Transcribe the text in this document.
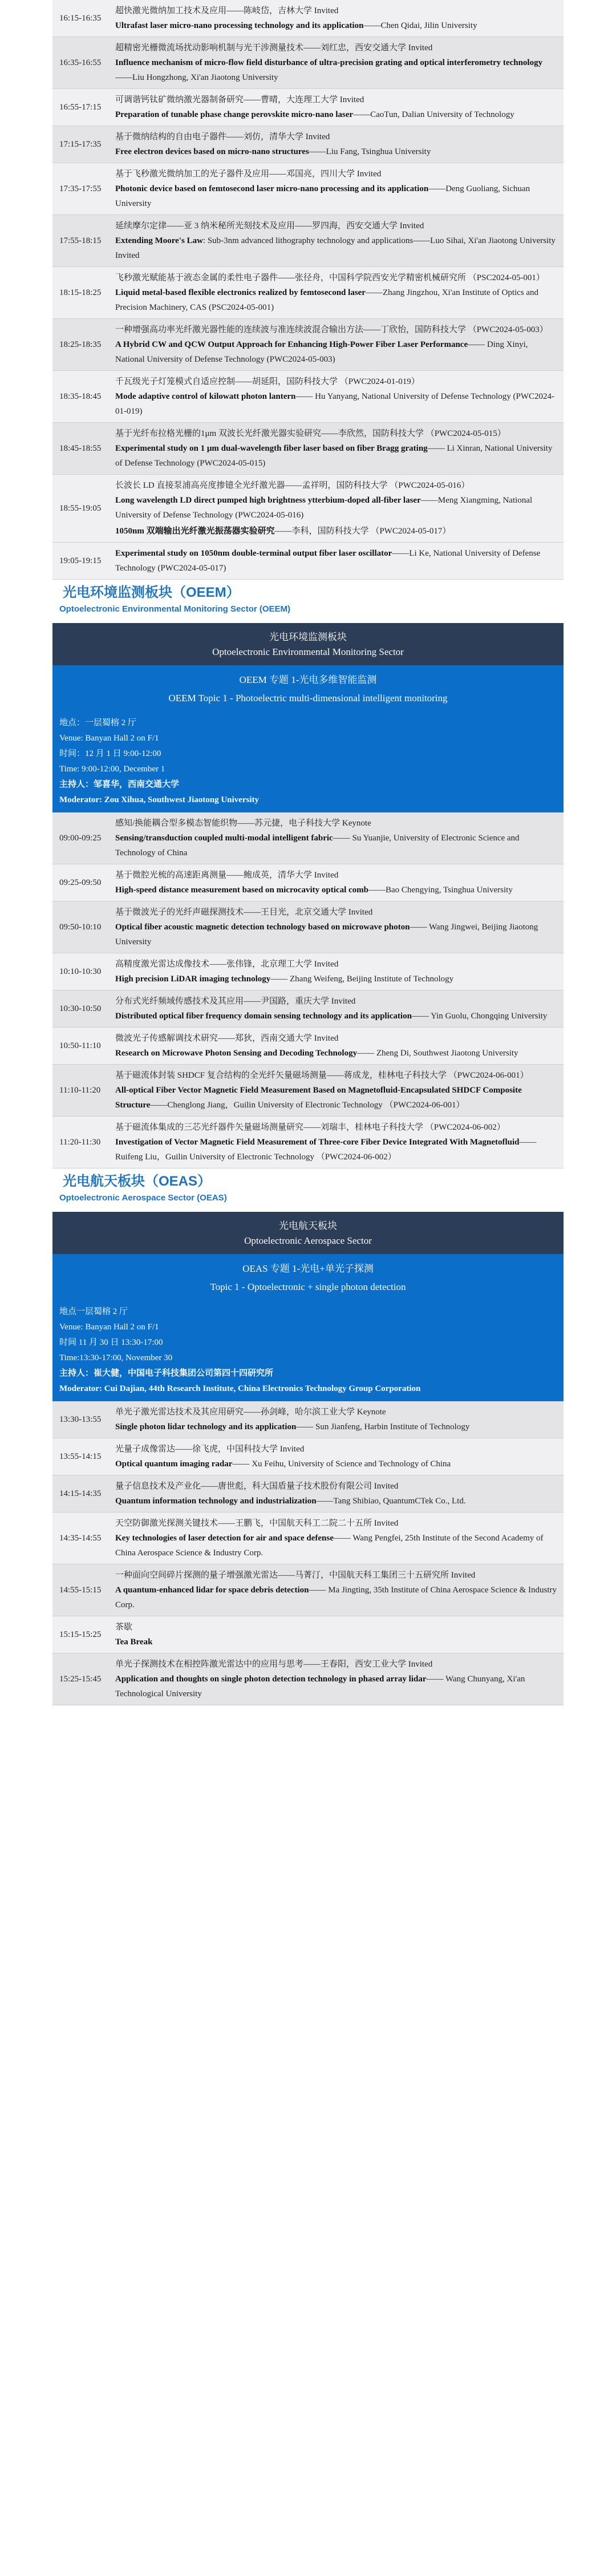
16:15-16:35
超快激光微纳加工技术及应用——陈岐岱，吉林大学 Invited
Ultrafast laser micro-nano processing technology and its application——Chen Qidai, Jilin University
16:35-16:55
超精密光栅微流场扰动影响机制与光干涉测量技术——刘红忠，西安交通大学 Invited
Influence mechanism of micro-flow field disturbance of ultra-precision grating and optical interferometry technology——Liu Hongzhong, Xi'an Jiaotong University
16:55-17:15
可调谐钙钛矿微纳激光器制备研究——曹晴，大连理工大学 Invited
Preparation of tunable phase change perovskite micro-nano laser——CaoTun, Dalian University of Technology
17:15-17:35
基于微纳结构的自由电子器件——刘仿，清华大学 Invited
Free electron devices based on micro-nano structures——Liu Fang, Tsinghua University
17:35-17:55
基于飞秒激光微纳加工的光子器件及应用——邓国亮，四川大学 Invited
Photonic device based on femtosecond laser micro-nano processing and its application——Deng Guoliang, Sichuan University
17:55-18:15
延续摩尔定律——亚 3 纳米秘所光刻技术及应用——罗四海，西安交通大学 Invited
Extending Moore's Law: Sub-3nm advanced lithography technology and applications——Luo Sihai, Xi'an Jiaotong University Invited
18:15-18:25
飞秒激光赋能基于液态金属的柔性电子器件——张径舟，中国科学院西安光学精密机械研究所 （PSC2024-05-001）
Liquid metal-based flexible electronics realized by femtosecond laser——Zhang Jingzhou, Xi'an Institute of Optics and Precision Machinery, CAS (PSC2024-05-001)
18:25-18:35
一种增强高功率光纤激光器性能的连续波与准连续波混合输出方法——丁欣怡，国防科技大学 （PWC2024-05-003）
A Hybrid CW and QCW Output Approach for Enhancing High-Power Fiber Laser Performance—— Ding Xinyi, National University of Defense Technology (PWC2024-05-003)
18:35-18:45
千瓦级光子灯笼模式自适应控制——胡延阳，国防科技大学 （PWC2024-01-019）
Mode adaptive control of kilowatt photon lantern—— Hu Yanyang, National University of Defense Technology (PWC2024-01-019)
18:45-18:55
基于光纤布拉格光栅的1μm 双波长光纤激光器实验研究——李欣然，国防科技大学 （PWC2024-05-015）
Experimental study on 1 μm dual-wavelength fiber laser based on fiber Bragg grating—— Li Xinran, National University of Defense Technology (PWC2024-05-015)
18:55-19:05
长波长 LD 直接泵浦高亮度掺镱全光纤激光器——孟祥明，国防科技大学 （PWC2024-05-016）
Long wavelength LD direct pumped high brightness ytterbium-doped all-fiber laser——Meng Xiangming, National University of Defense Technology (PWC2024-05-016)
1050nm 双端输出光纤激光振荡器实验研究——李科，国防科技大学 （PWC2024-05-017）
19:05-19:15
Experimental study on 1050nm double-terminal output fiber laser oscillator——Li Ke, National University of Defense Technology (PWC2024-05-017)
光电环境监测板块（OEEM）
Optoelectronic Environmental Monitoring Sector (OEEM)
光电环境监测板块
Optoelectronic Environmental Monitoring Sector
OEEM 专题 1-光电多维智能监测
OEEM Topic 1 - Photoelectric multi-dimensional intelligent monitoring
地点：一层蜀榕 2 厅
Venue: Banyan Hall 2 on F/1
时间：12 月 1 日 9:00-12:00
Time: 9:00-12:00, December 1
主持人：邹喜华，西南交通大学
Moderator: Zou Xihua, Southwest Jiaotong University
09:00-09:25
感知/换能耦合型多模态智能织物——苏元捷，电子科技大学 Keynote
Sensing/transduction coupled multi-modal intelligent fabric—— Su Yuanjie, University of Electronic Science and Technology of China
09:25-09:50
基于微腔光梳的高速距离测量——鲍成英，清华大学 Invited
High-speed distance measurement based on microcavity optical comb——Bao Chengying, Tsinghua University
09:50-10:10
基于微波光子的光纤声磁探测技术——王目光，北京交通大学 Invited
Optical fiber acoustic magnetic detection technology based on microwave photon—— Wang Jingwei, Beijing Jiaotong University
10:10-10:30
高精度激光雷达成像技术——张伟锋，北京理工大学 Invited
High precision LiDAR imaging technology—— Zhang Weifeng, Beijing Institute of Technology
10:30-10:50
分布式光纤频域传感技术及其应用——尹国路，重庆大学 Invited
Distributed optical fiber frequency domain sensing technology and its application—— Yin Guolu, Chongqing University
10:50-11:10
微波光子传感解调技术研究——郑狄，西南交通大学 Invited
Research on Microwave Photon Sensing and Decoding Technology—— Zheng Di, Southwest Jiaotong University
11:10-11:20
基于磁流体封装 SHDCF 复合结构的全光纤矢量磁场测量——蒋成龙，桂林电子科技大学 （PWC2024-06-001）
All-optical Fiber Vector Magnetic Field Measurement Based on Magnetofluid-Encapsulated SHDCF Composite Structure——Chenglong Jiang，Guilin University of Electronic Technology （PWC2024-06-001）
11:20-11:30
基于磁流体集成的三芯光纤器件矢量磁场测量研究——刘瑞丰，桂林电子科技大学 （PWC2024-06-002）
Investigation of Vector Magnetic Field Measurement of Three-core Fiber Device Integrated With Magnetofluid——Ruifeng Liu，Guilin University of Electronic Technology （PWC2024-06-002）
光电航天板块（OEAS）
Optoelectronic Aerospace Sector (OEAS)
光电航天板块
Optoelectronic Aerospace Sector
OEAS 专题 1-光电+单光子探测
Topic 1 - Optoelectronic + single photon detection
地点一层蜀榕 2 厅
Venue: Banyan Hall 2 on F/1
时间 11 月 30 日 13:30-17:00
Time:13:30-17:00, November 30
主持人：崔大健，中国电子科技集团公司第四十四研究所
Moderator: Cui Dajian, 44th Research Institute, China Electronics Technology Group Corporation
13:30-13:55
单光子激光雷达技术及其应用研究——孙剑峰，哈尔滨工业大学 Keynote
Single photon lidar technology and its application—— Sun Jianfeng, Harbin Institute of Technology
13:55-14:15
光量子成像雷达——徐飞虎，中国科技大学 Invited
Optical quantum imaging radar—— Xu Feihu, University of Science and Technology of China
14:15-14:35
量子信息技术及产业化——唐世彪，科大国盾量子技术股份有限公司 Invited
Quantum information technology and industrialization——Tang Shibiao, QuantumCTek Co., Ltd.
14:35-14:55
天空防御激光探测关键技术——王鹏飞，中国航天科工二院二十五所 Invited
Key technologies of laser detection for air and space defense—— Wang Pengfei, 25th Institute of the Second Academy of China Aerospace Science & Industry Corp.
14:55-15:15
一种面向空间碎片探测的量子增强激光雷达——马菁汀，中国航天科工集团三十五研究所 Invited
A quantum-enhanced lidar for space debris detection—— Ma Jingting, 35th Institute of China Aerospace Science & Industry Corp.
15:15-15:25
茶歇
Tea Break
15:25-15:45
单光子探测技术在相控阵激光雷达中的应用与思考——王春阳，西安工业大学 Invited
Application and thoughts on single photon detection technology in phased array lidar—— Wang Chunyang, Xi'an Technological University
